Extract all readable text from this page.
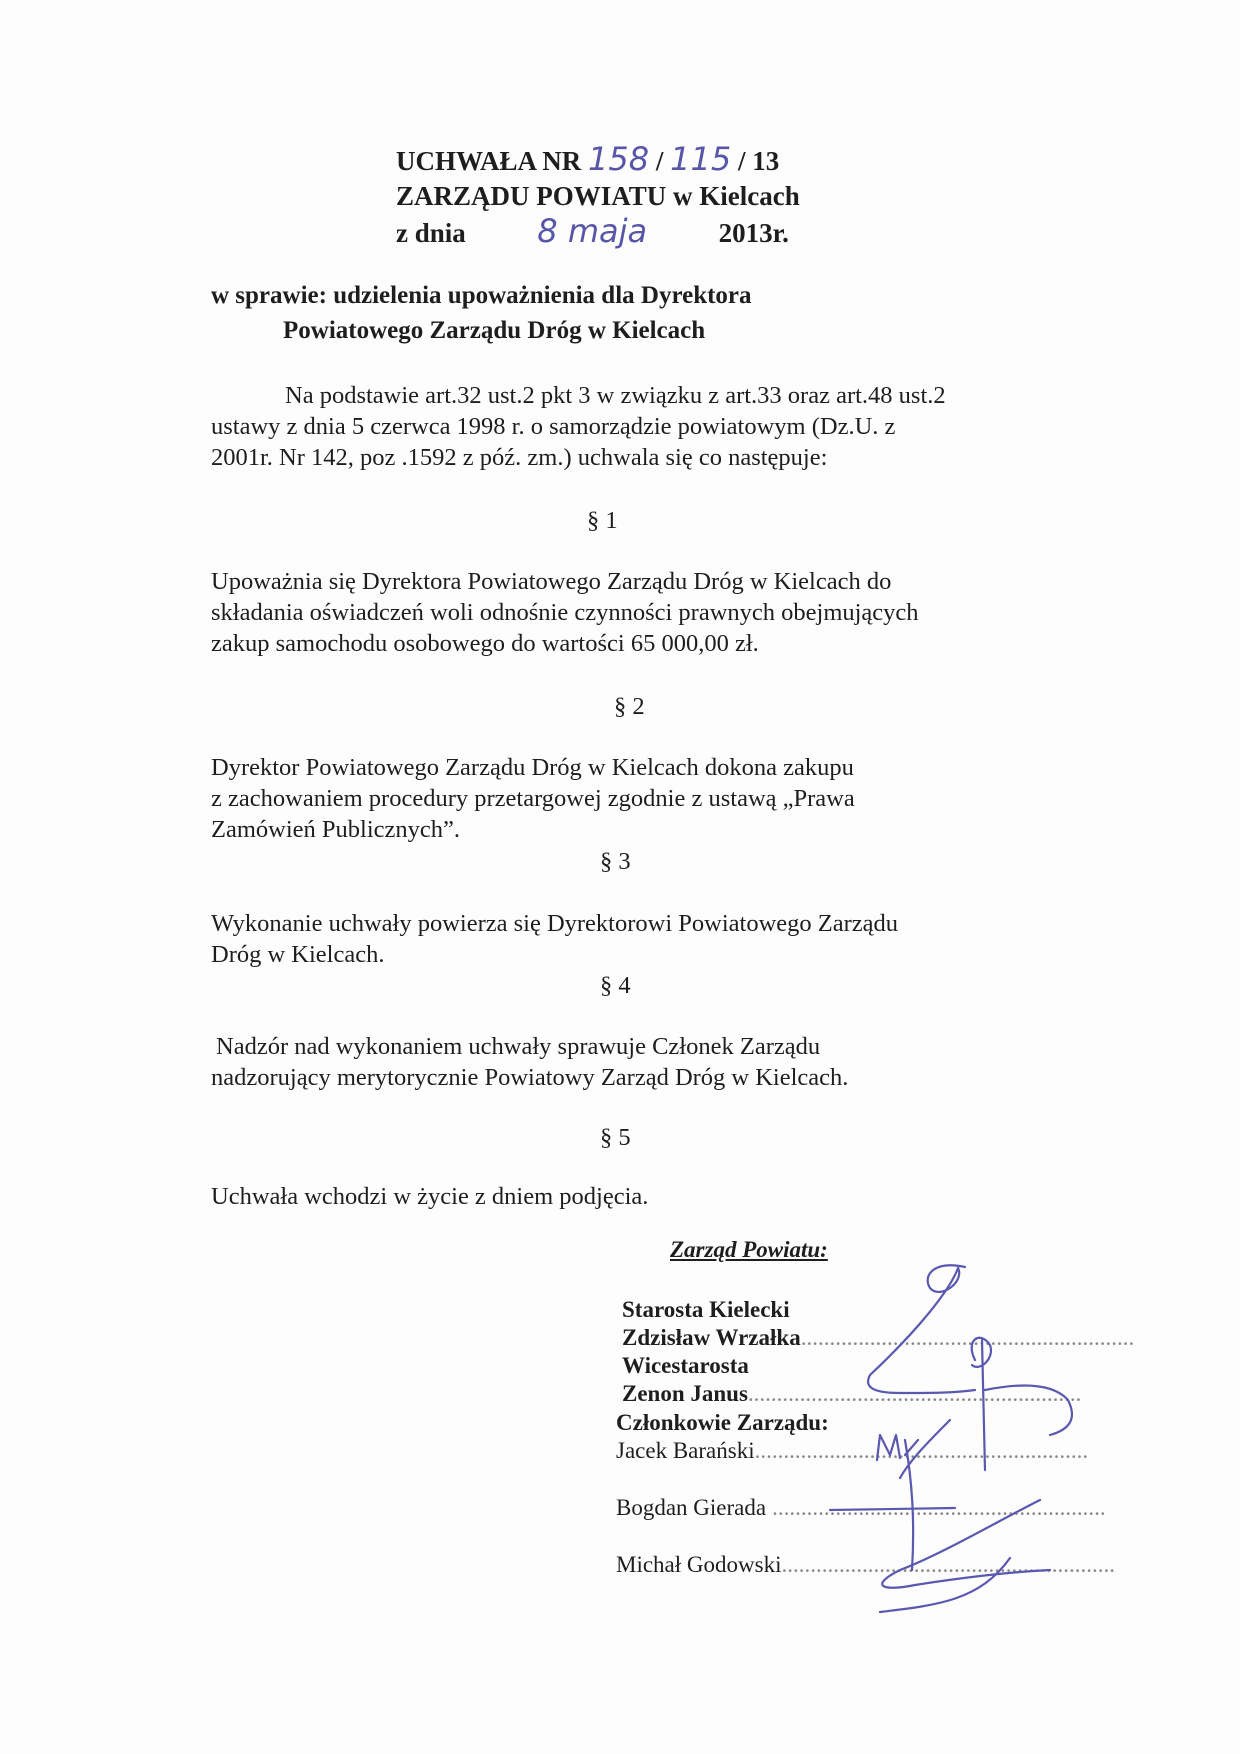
UCHWAŁA NR 158 / 115 / 13
ZARZĄDU POWIATU w Kielcach
z dnia 8 maja	2013r.
w sprawie: udzielenia upoważnienia dla Dyrektora
Powiatowego Zarządu Dróg w Kielcach

Na podstawie art.32 ust.2 pkt 3 w związku z art.33 oraz art.48 ust.2

ustawy z dnia 5 czerwca 1998 r. o samorządzie powiatowym (Dz.U. z

2001r. Nr 142, poz .1592 z póź. zm.) uchwala się co następuje:

§ 1

Upoważnia się Dyrektora Powiatowego Zarządu Dróg w Kielcach do

składania oświadczeń woli odnośnie czynności prawnych obejmujących

zakup samochodu osobowego do wartości 65 000,00 zł.

§ 2

Dyrektor Powiatowego Zarządu Dróg w Kielcach dokona zakupu

z zachowaniem procedury przetargowej zgodnie z ustawą „Prawa

Zamówień Publicznych”.

§ 3

Wykonanie uchwały powierza się Dyrektorowi Powiatowego Zarządu

Dróg w Kielcach.

§ 4

Nadzór nad wykonaniem uchwały sprawuje Członek Zarządu

nadzorujący merytorycznie Powiatowy Zarząd Dróg w Kielcach.

§ 5
Uchwała wchodzi w życie z dniem podjęcia.
Zarząd Powiatu:
Starosta Kielecki
Zdzisław Wrzałka..........................................................
Wicestarosta
Zenon Janus..........................................................
Członkowie Zarządu:
Jacek Barański..........................................................
Bogdan Gierada ..........................................................
Michał Godowski..........................................................
